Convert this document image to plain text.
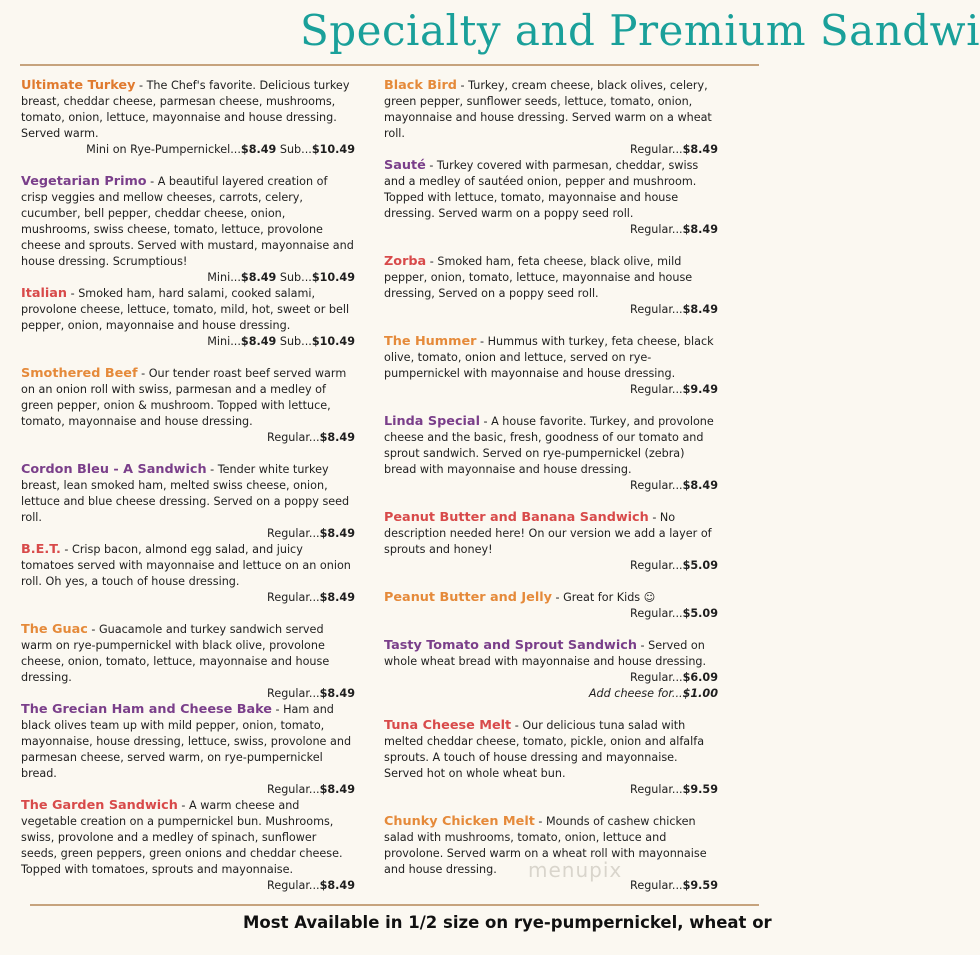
Specialty and Premium Sandwi
Ultimate Turkey - The Chef's favorite. Delicious turkey breast, cheddar cheese, parmesan cheese, mushrooms, tomato, onion, lettuce, mayonnaise and house dressing. Served warm.
Mini on Rye-Pumpernickel...$8.49 Sub...$10.49
Vegetarian Primo - A beautiful layered creation of crisp veggies and mellow cheeses, carrots, celery, cucumber, bell pepper, cheddar cheese, onion, mushrooms, swiss cheese, tomato, lettuce, provolone cheese and sprouts. Served with mustard, mayonnaise and house dressing. Scrumptious!
Mini...$8.49 Sub...$10.49
Italian - Smoked ham, hard salami, cooked salami, provolone cheese, lettuce, tomato, mild, hot, sweet or bell pepper, onion, mayonnaise and house dressing.
Mini...$8.49 Sub...$10.49
Smothered Beef - Our tender roast beef served warm on an onion roll with swiss, parmesan and a medley of green pepper, onion & mushroom. Topped with lettuce, tomato, mayonnaise and house dressing.
Regular...$8.49
Cordon Bleu - A Sandwich - Tender white turkey breast, lean smoked ham, melted swiss cheese, onion, lettuce and blue cheese dressing. Served on a poppy seed roll.
Regular...$8.49
B.E.T. - Crisp bacon, almond egg salad, and juicy tomatoes served with mayonnaise and lettuce on an onion roll. Oh yes, a touch of house dressing.
Regular...$8.49
The Guac - Guacamole and turkey sandwich served warm on rye-pumpernickel with black olive, provolone cheese, onion, tomato, lettuce, mayonnaise and house dressing.
Regular...$8.49
The Grecian Ham and Cheese Bake - Ham and black olives team up with mild pepper, onion, tomato, mayonnaise, house dressing, lettuce, swiss, provolone and parmesan cheese, served warm, on rye-pumpernickel bread.
Regular...$8.49
The Garden Sandwich - A warm cheese and vegetable creation on a pumpernickel bun. Mushrooms, swiss, provolone and a medley of spinach, sunflower seeds, green peppers, green onions and cheddar cheese. Topped with tomatoes, sprouts and mayonnaise.
Regular...$8.49
Black Bird - Turkey, cream cheese, black olives, celery, green pepper, sunflower seeds, lettuce, tomato, onion, mayonnaise and house dressing. Served warm on a wheat roll.
Regular...$8.49
Sauté - Turkey covered with parmesan, cheddar, swiss and a medley of sautéed onion, pepper and mushroom. Topped with lettuce, tomato, mayonnaise and house dressing. Served warm on a poppy seed roll.
Regular...$8.49
Zorba - Smoked ham, feta cheese, black olive, mild pepper, onion, tomato, lettuce, mayonnaise and house dressing, Served on a poppy seed roll.
Regular...$8.49
The Hummer - Hummus with turkey, feta cheese, black olive, tomato, onion and lettuce, served on rye-pumpernickel with mayonnaise and house dressing.
Regular...$9.49
Linda Special - A house favorite. Turkey, and provolone cheese and the basic, fresh, goodness of our tomato and sprout sandwich. Served on rye-pumpernickel (zebra) bread with mayonnaise and house dressing.
Regular...$8.49
Peanut Butter and Banana Sandwich - No description needed here! On our version we add a layer of sprouts and honey!
Regular...$5.09
Peanut Butter and Jelly - Great for Kids ☺
Regular...$5.09
Tasty Tomato and Sprout Sandwich - Served on whole wheat bread with mayonnaise and house dressing.
Regular...$6.09
Add cheese for...$1.00
Tuna Cheese Melt - Our delicious tuna salad with melted cheddar cheese, tomato, pickle, onion and alfalfa sprouts. A touch of house dressing and mayonnaise. Served hot on whole wheat bun.
Regular...$9.59
Chunky Chicken Melt - Mounds of cashew chicken salad with mushrooms, tomato, onion, lettuce and provolone. Served warm on a wheat roll with mayonnaise and house dressing.
Regular...$9.59
menupix
Most Available in 1/2 size on rye-pumpernickel, wheat or
